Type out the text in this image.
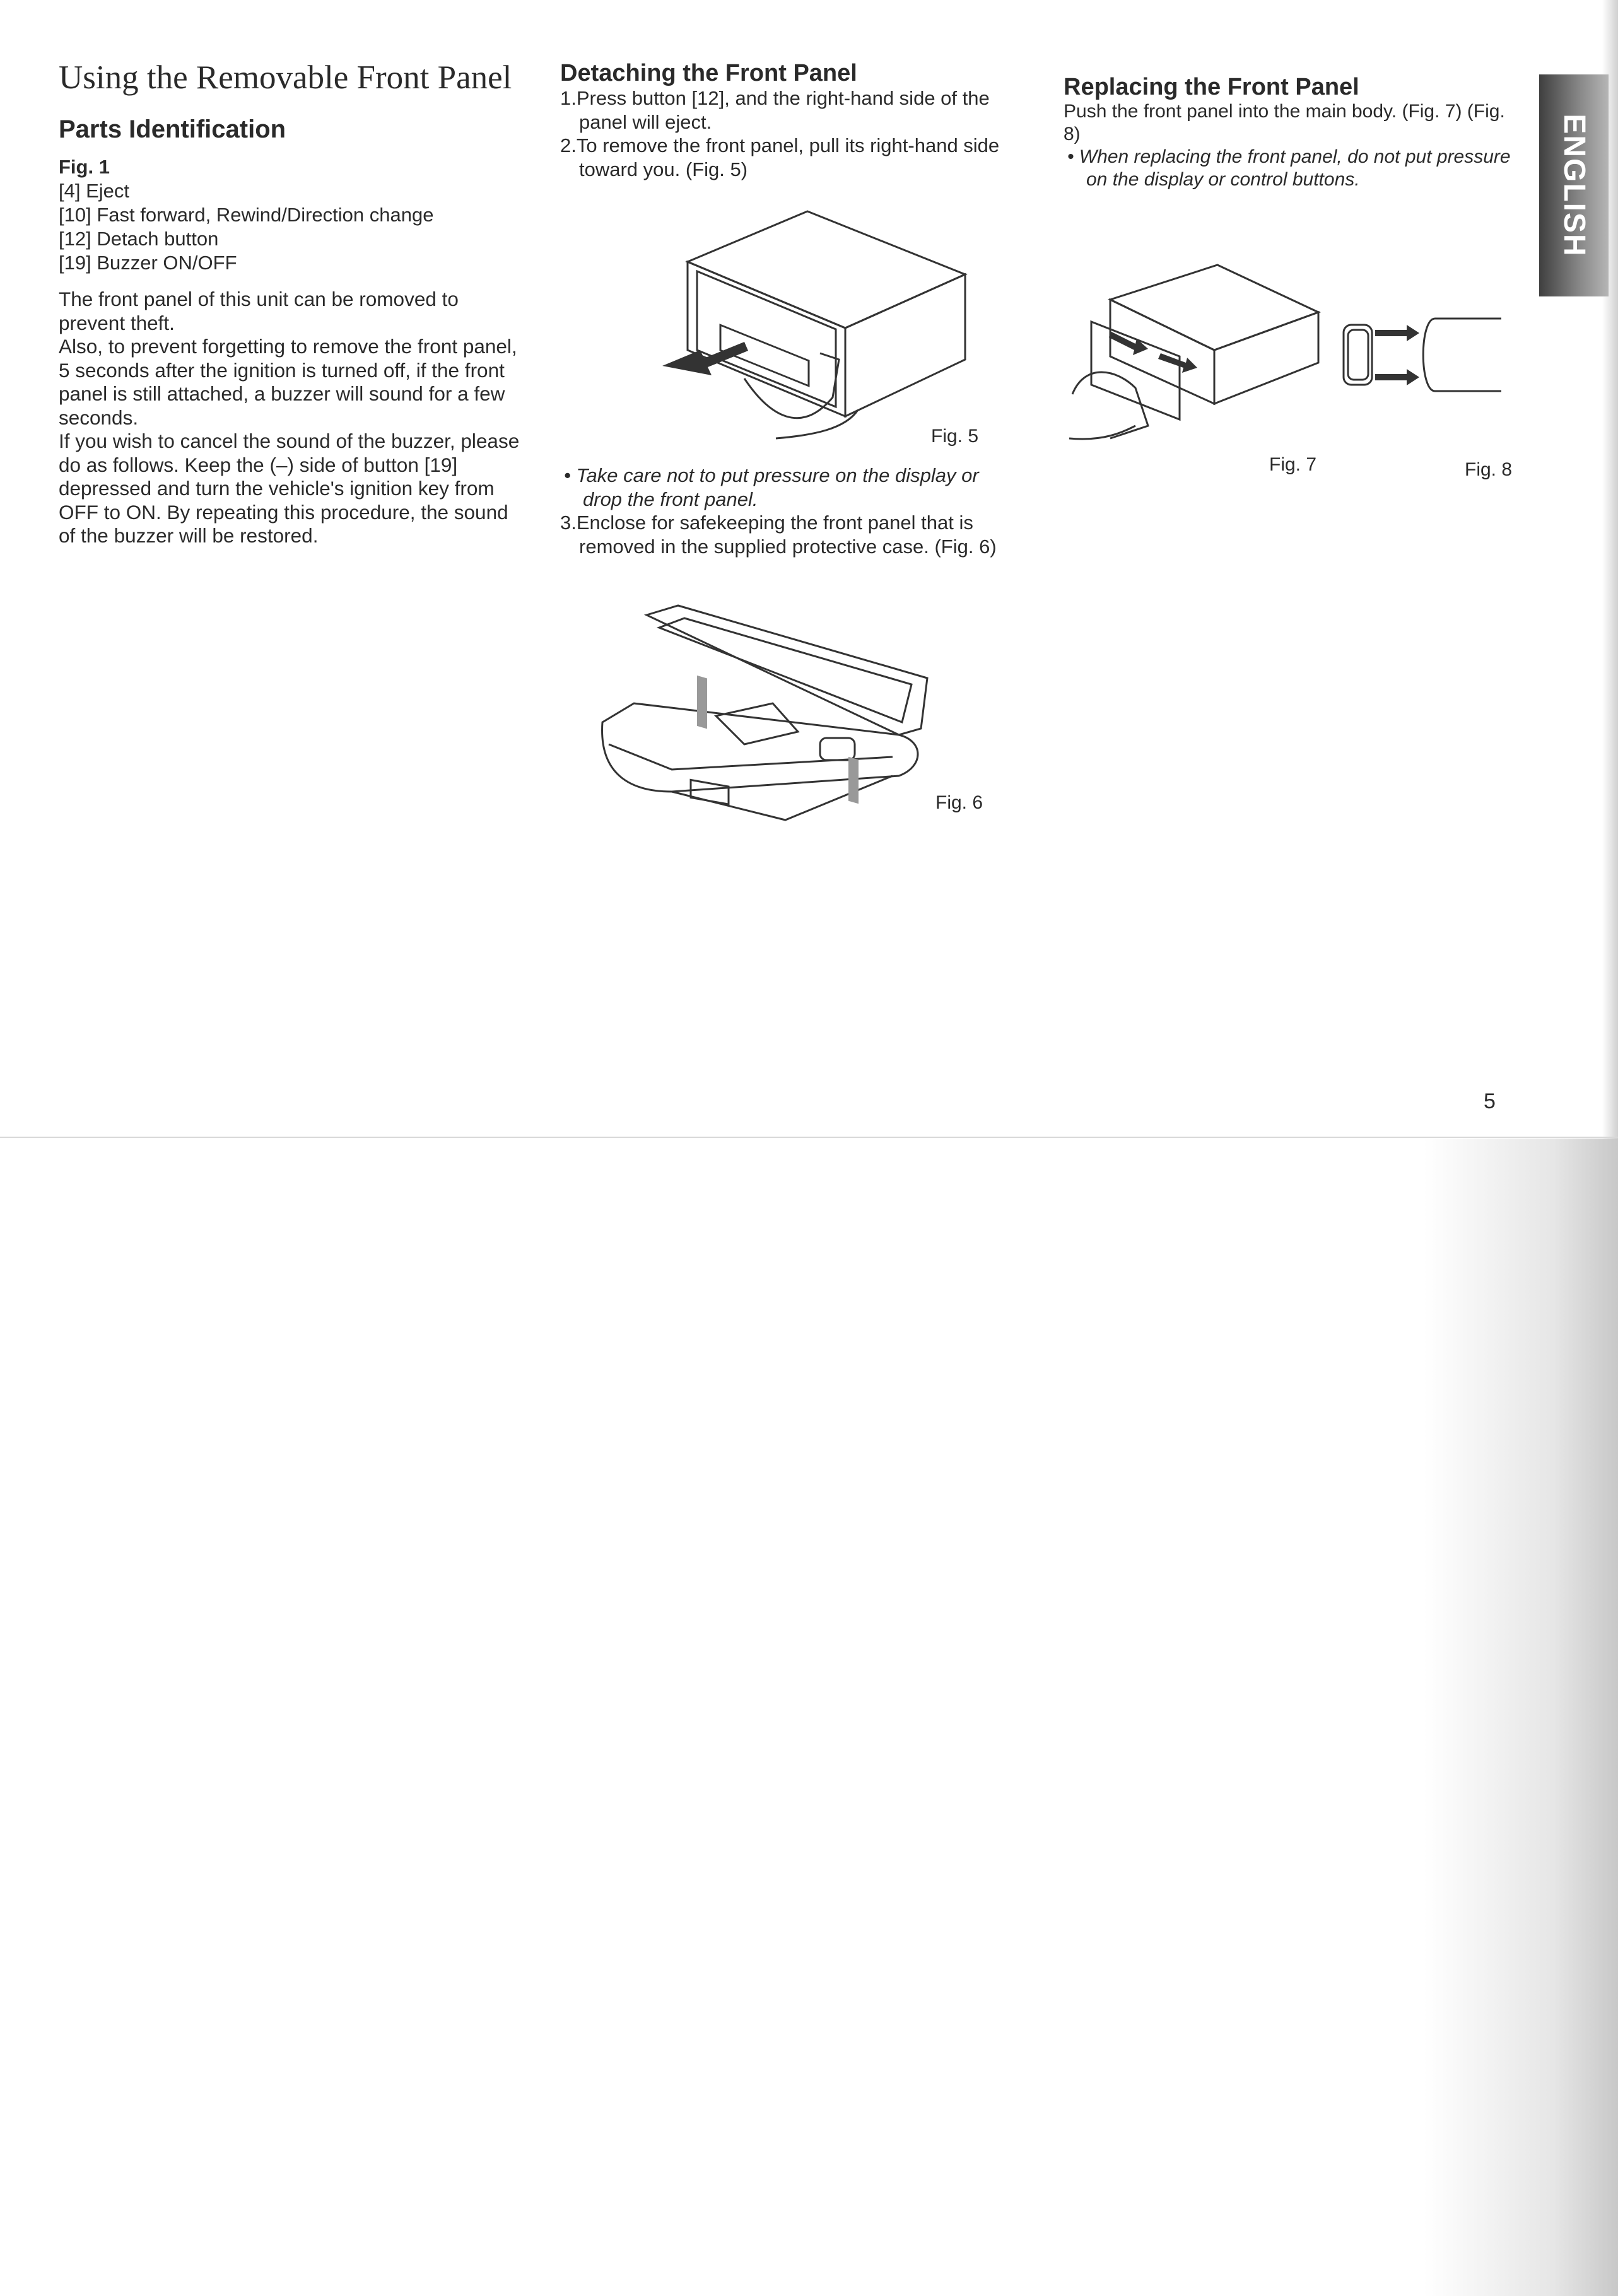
Using the Removable Front Panel
Parts Identification

Fig. 1

[4] Eject

[10] Fast forward, Rewind/Direction change

[12] Detach button

[19] Buzzer ON/OFF

The front panel of this unit can be romoved to prevent theft.

Also, to prevent forgetting to remove the front panel, 5 seconds after the ignition is turned off, if the front panel is still attached, a buzzer will sound for a few seconds.

If you wish to cancel the sound of the buzzer, please do as follows. Keep the (–) side of button [19] depressed and turn the vehicle's ignition key from OFF to ON. By repeating this procedure, the sound of the buzzer will be restored.

Detaching the Front Panel

1.Press button [12], and the right-hand side of the panel will eject.

2.To remove the front panel, pull its right-hand side toward you. (Fig. 5)

Fig. 5

• Take care not to put pressure on the display or drop the front panel.

3.Enclose for safekeeping the front panel that is removed in the supplied protective case. (Fig. 6)

Fig. 6
Replacing the Front Panel

Push the front panel into the main body. (Fig. 7) (Fig. 8)

• When replacing the front panel, do not put pressure on the display or control buttons.

Fig. 7	Fig. 8
ENGLISH
5
